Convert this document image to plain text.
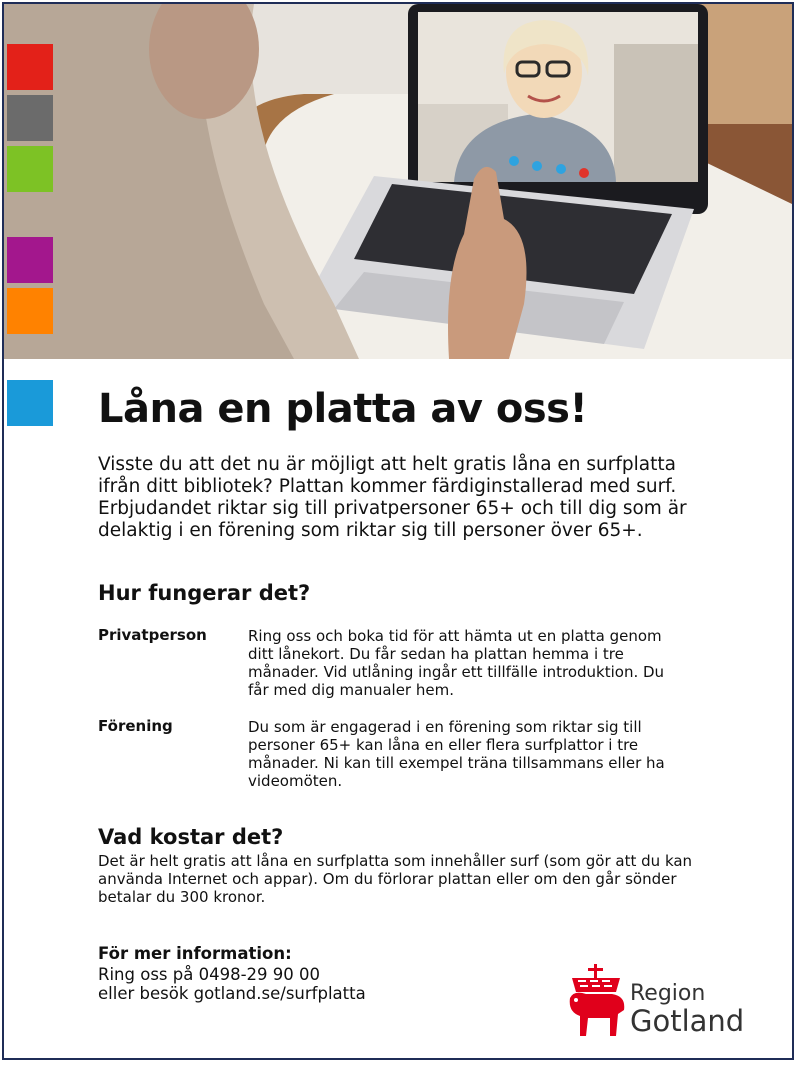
Låna en platta av oss!

Visste du att det nu är möjligt att helt gratis låna en surfplatta ifrån ditt bibliotek? Plattan kommer färdiginstallerad med surf. Erbjudandet riktar sig till privatpersoner 65+ och till dig som är delaktig i en förening som riktar sig till personer över 65+.

Hur fungerar det?
Privatperson	Ring oss och boka tid för att hämta ut en platta genom ditt lånekort. Du får sedan ha plattan hemma i tre månader. Vid utlåning ingår ett tillfälle introduktion. Du får med dig manualer hem.

Förening	Du som är engagerad i en förening som riktar sig till personer 65+ kan låna en eller flera surfplattor i tre månader. Ni kan till exempel träna tillsammans eller ha videomöten.

Vad kostar det?

Det är helt gratis att låna en surfplatta som innehåller surf (som gör att du kan använda Internet och appar). Om du förlorar plattan eller om den går sönder betalar du 300 kronor.

För mer information:
Ring oss på 0498-29 90 00
eller besök gotland.se/surfplatta	Region
Gotland
